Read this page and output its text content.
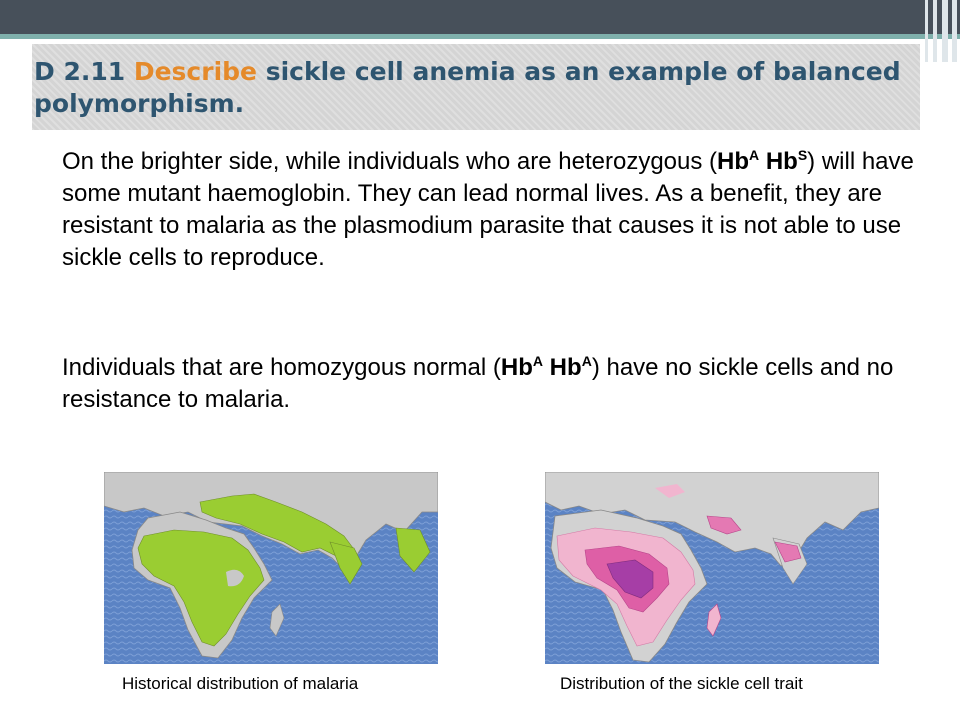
D 2.11 Describe sickle cell anemia as an example of balanced polymorphism.

On the brighter side, while individuals who are heterozygous ($Hb^A$ $Hb^S$) will have some mutant haemoglobin. They can lead normal lives. As a benefit, they are resistant to malaria as the plasmodium parasite that causes it is not able to use sickle cells to reproduce.

Individuals that are homozygous normal ($Hb^A$ $Hb^A$) have no sickle cells and no resistance to malaria.

Historical distribution of malaria	Distribution of the sickle cell trait
